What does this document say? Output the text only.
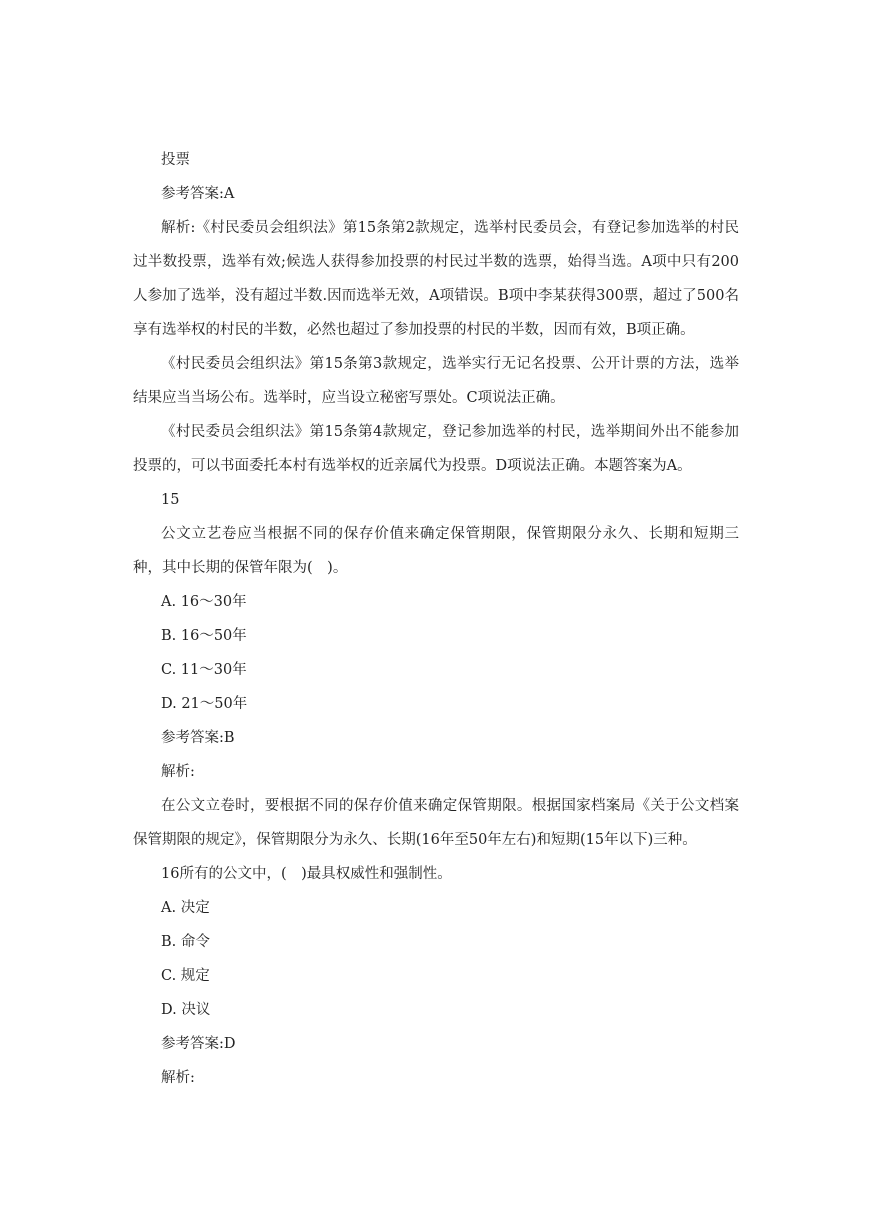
投票

参考答案:A

解析:《村民委员会组织法》第15条第2款规定，选举村民委员会，有登记参加选举的村民过半数投票，选举有效;候选人获得参加投票的村民过半数的选票，始得当选。A项中只有200人参加了选举，没有超过半数.因而选举无效，A项错误。B项中李某获得300票，超过了500名享有选举权的村民的半数，必然也超过了参加投票的村民的半数，因而有效，B项正确。

《村民委员会组织法》第15条第3款规定，选举实行无记名投票、公开计票的方法，选举结果应当当场公布。选举时，应当设立秘密写票处。C项说法正确。

《村民委员会组织法》第15条第4款规定，登记参加选举的村民，选举期间外出不能参加投票的，可以书面委托本村有选举权的近亲属代为投票。D项说法正确。本题答案为A。

15

公文立艺卷应当根据不同的保存价值来确定保管期限，保管期限分永久、长期和短期三种，其中长期的保管年限为(　)。

A. 16～30年

B. 16～50年

C. 11～30年

D. 21～50年

参考答案:B

解析:

在公文立卷时，要根据不同的保存价值来确定保管期限。根据国家档案局《关于公文档案保管期限的规定》，保管期限分为永久、长期(16年至50年左右)和短期(15年以下)三种。

16所有的公文中，(　)最具权威性和强制性。

A. 决定

B. 命令

C. 规定

D. 决议

参考答案:D

解析:
